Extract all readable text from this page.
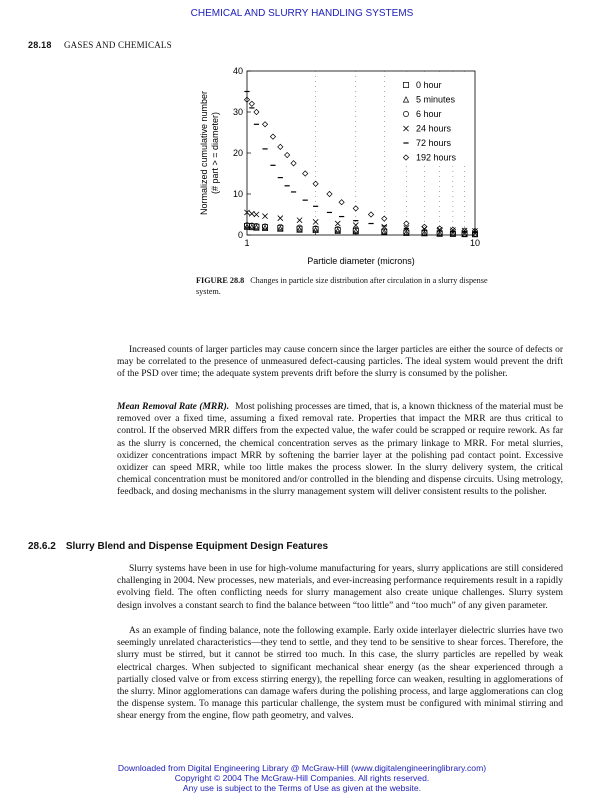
CHEMICAL AND SLURRY HANDLING SYSTEMS
28.18 GASES AND CHEMICALS
0
10
20
30
40
1	10
Particle diameter (microns)
Normalized cumulative number(# part > = diameter)
0 hour
5 minutes
6 hour
24 hours
72 hours
192 hours
FIGURE 28.8 Changes in particle size distribution after circulation in a slurry dispense system.

Increased counts of larger particles may cause concern since the larger particles are either the source of defects or may be correlated to the presence of unmeasured defect-causing particles. The ideal system would prevent the drift of the PSD over time; the adequate system prevents drift before the slurry is consumed by the polisher.

Mean Removal Rate (MRR). Most polishing processes are timed, that is, a known thickness of the material must be removed over a fixed time, assuming a fixed removal rate. Properties that impact the MRR are thus critical to control. If the observed MRR differs from the expected value, the wafer could be scrapped or require rework. As far as the slurry is concerned, the chemical concentration serves as the primary linkage to MRR. For metal slurries, oxidizer concentrations impact MRR by softening the barrier layer at the polishing pad contact point. Excessive oxidizer can speed MRR, while too little makes the process slower. In the slurry delivery system, the critical chemical concentration must be monitored and/or controlled in the blending and dispense circuits. Using metrology, feedback, and dosing mechanisms in the slurry management system will deliver consistent results to the polisher.

28.6.2 Slurry Blend and Dispense Equipment Design Features

Slurry systems have been in use for high-volume manufacturing for years, slurry applications are still considered challenging in 2004. New processes, new materials, and ever-increasing performance requirements result in a rapidly evolving field. The often conflicting needs for slurry management also create unique challenges. Slurry system design involves a constant search to find the balance between “too little” and “too much” of any given parameter.

As an example of finding balance, note the following example. Early oxide interlayer dielectric slurries have two seemingly unrelated characteristics—they tend to settle, and they tend to be sensitive to shear forces. Therefore, the slurry must be stirred, but it cannot be stirred too much. In this case, the slurry particles are repelled by weak electrical charges. When subjected to significant mechanical shear energy (as the shear experienced through a partially closed valve or from excess stirring energy), the repelling force can weaken, resulting in agglomerations of the slurry. Minor agglomerations can damage wafers during the polishing process, and large agglomerations can clog the dispense system. To manage this particular challenge, the system must be configured with minimal stirring and shear energy from the engine, flow path geometry, and valves.

Downloaded from Digital Engineering Library @ McGraw-Hill (www.digitalengineeringlibrary.com)
Copyright © 2004 The McGraw-Hill Companies. All rights reserved.
Any use is subject to the Terms of Use as given at the website.
